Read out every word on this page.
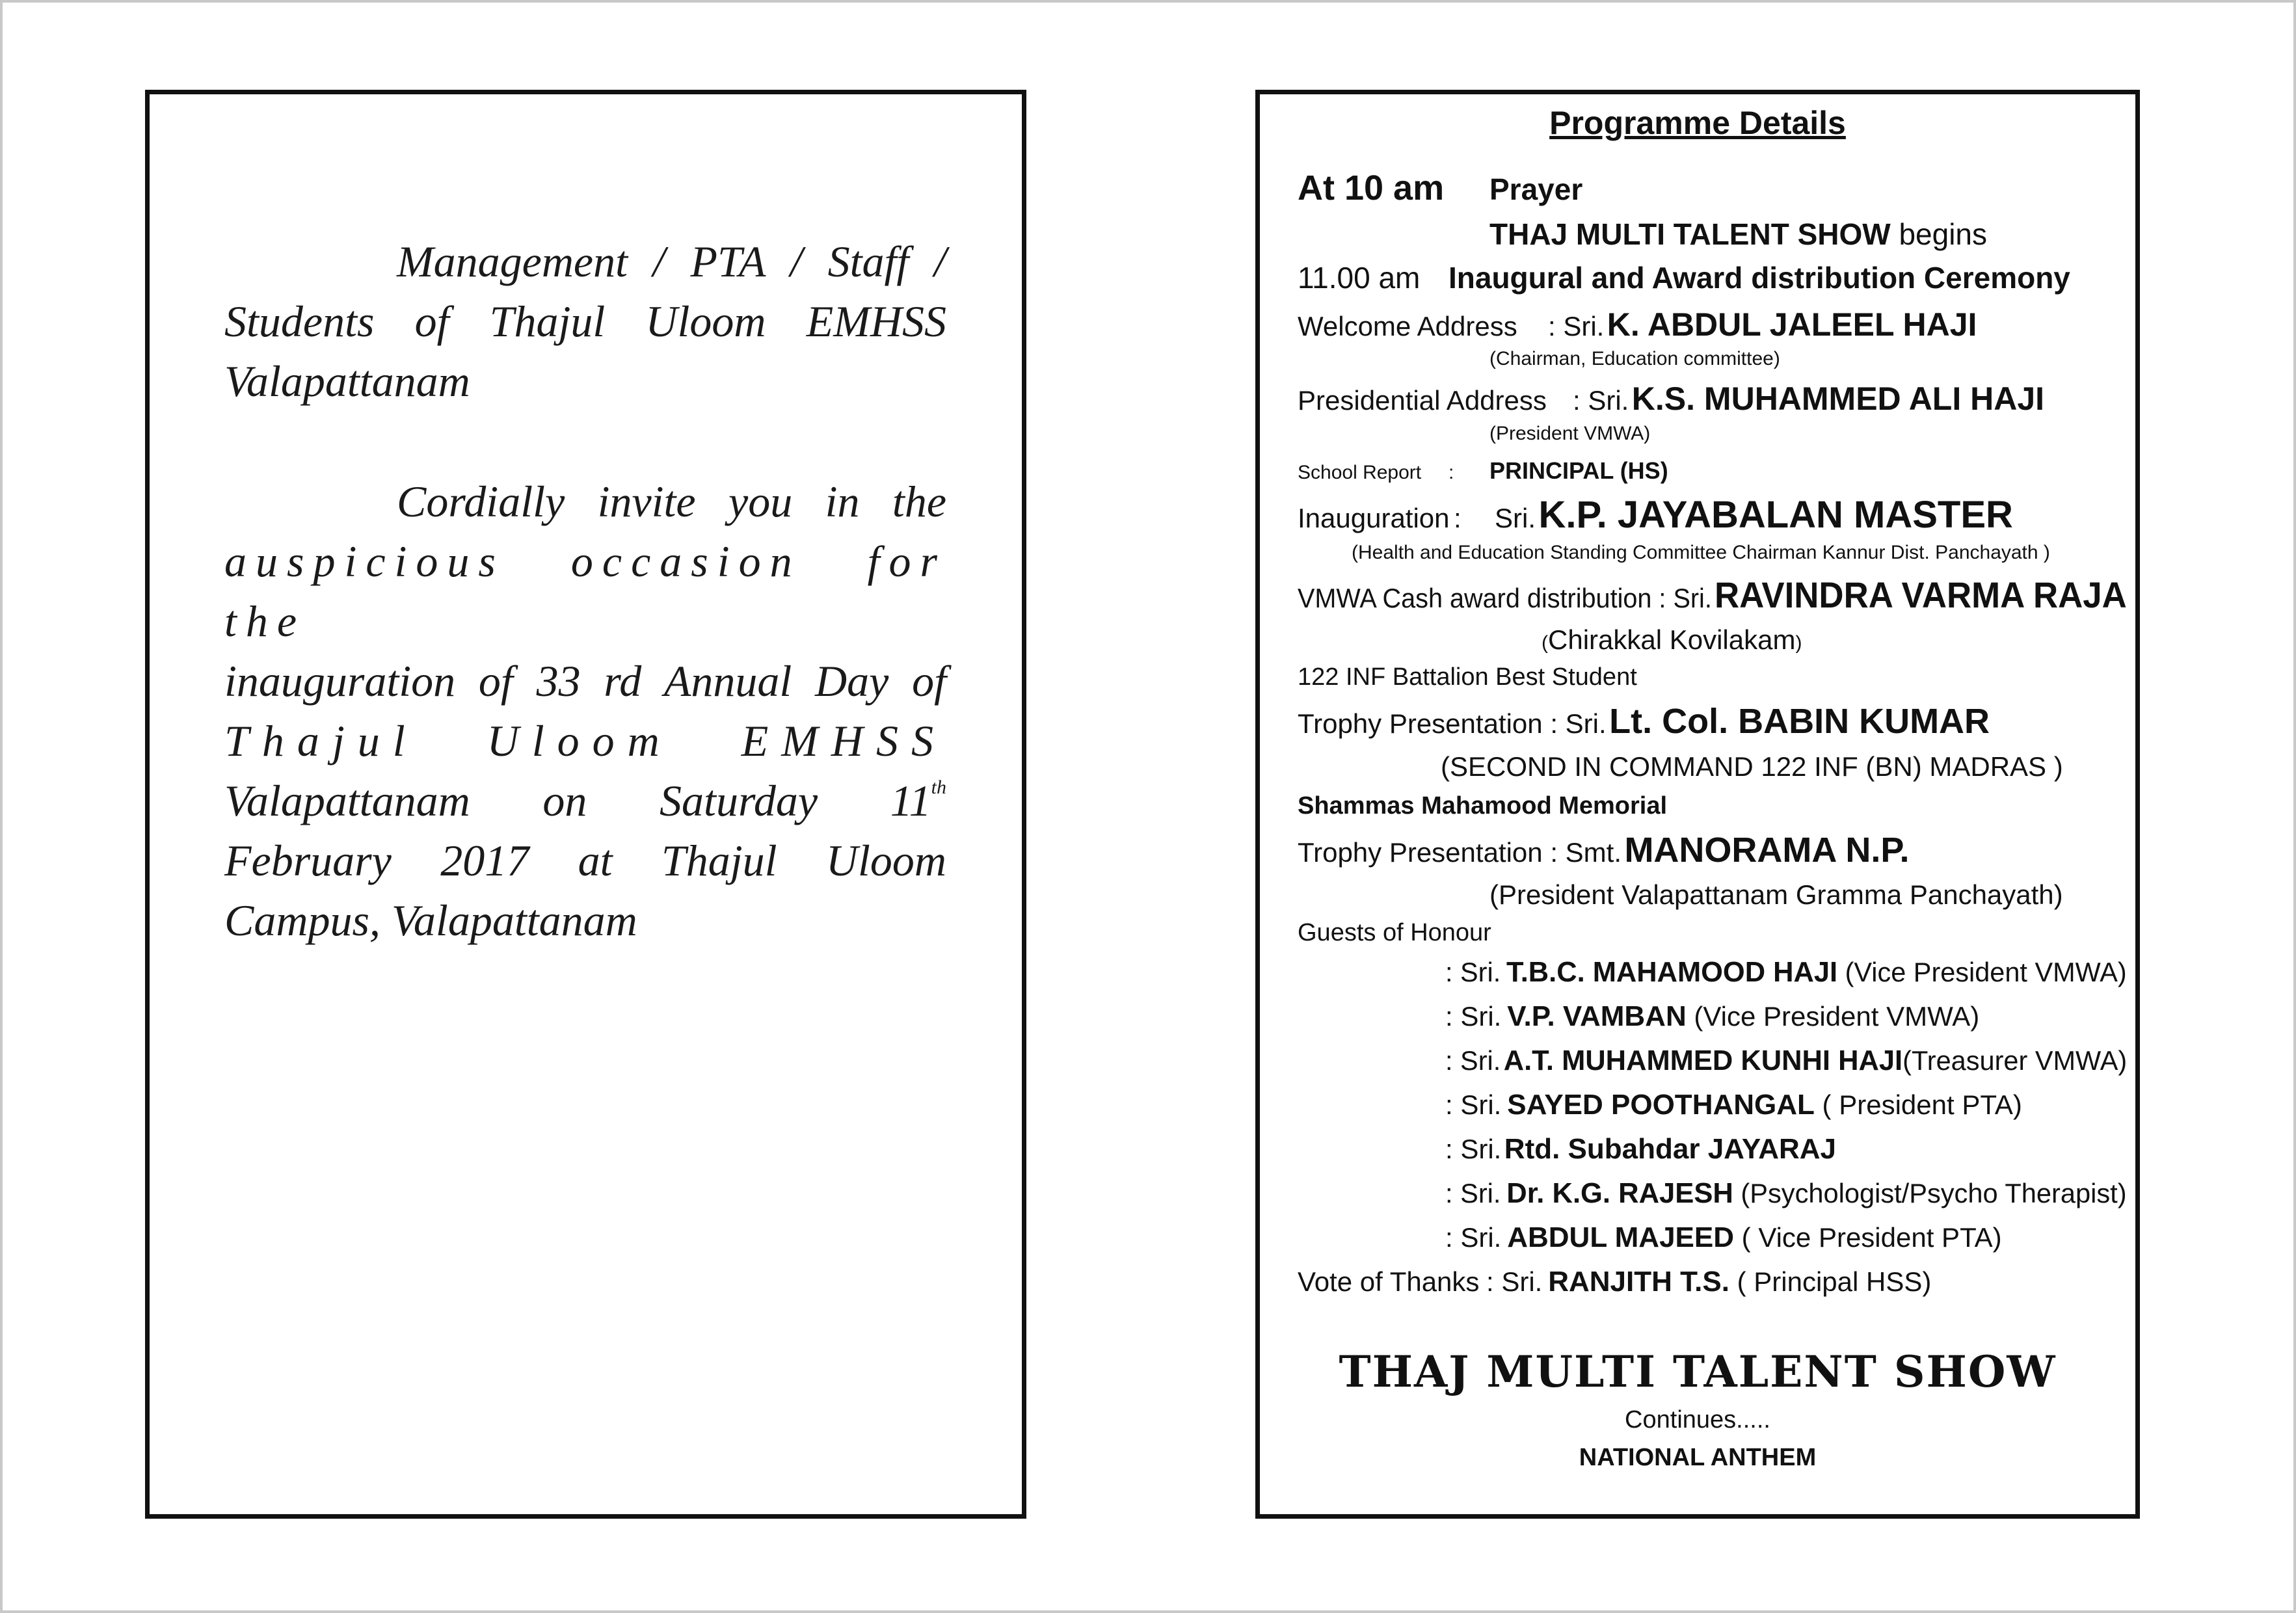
Management / PTA / Staff / Students of Thajul Uloom EMHSS Valapattanam
Cordially invite you in the
auspicious occasion for the
inauguration of 33 rd Annual Day of
Thajul Uloom EMHSS
Valapattanam on Saturday 11th
February 2017 at Thajul Uloom
Campus, Valapattanam
Programme Details
At 10 am Prayer
THAJ MULTI TALENT SHOW begins
11.00 am Inaugural and Award distribution Ceremony
Welcome Address : Sri. K. ABDUL JALEEL HAJI
(Chairman, Education committee)
Presidential Address : Sri. K.S. MUHAMMED ALI HAJI
(President VMWA)
School Report : PRINCIPAL (HS)
Inauguration : Sri. K.P. JAYABALAN MASTER
(Health and Education Standing Committee Chairman Kannur Dist. Panchayath )
VMWA Cash award distribution : Sri. RAVINDRA VARMA RAJA
(Chirakkal Kovilakam)
122 INF Battalion Best Student
Trophy Presentation : Sri. Lt. Col. BABIN KUMAR
(SECOND IN COMMAND 122 INF (BN) MADRAS )
Shammas Mahamood Memorial
Trophy Presentation : Smt. MANORAMA N.P.
(President Valapattanam Gramma Panchayath)
Guests of Honour
: Sri. T.B.C. MAHAMOOD HAJI (Vice President VMWA)
: Sri. V.P. VAMBAN (Vice President VMWA)
: Sri. A.T. MUHAMMED KUNHI HAJI(Treasurer VMWA)
: Sri. SAYED POOTHANGAL ( President PTA)
: Sri. Rtd. Subahdar JAYARAJ
: Sri. Dr. K.G. RAJESH (Psychologist/Psycho Therapist)
: Sri. ABDUL MAJEED ( Vice President PTA)
Vote of Thanks : Sri. RANJITH T.S. ( Principal HSS)
THAJ MULTI TALENT SHOW
Continues.....
NATIONAL ANTHEM
